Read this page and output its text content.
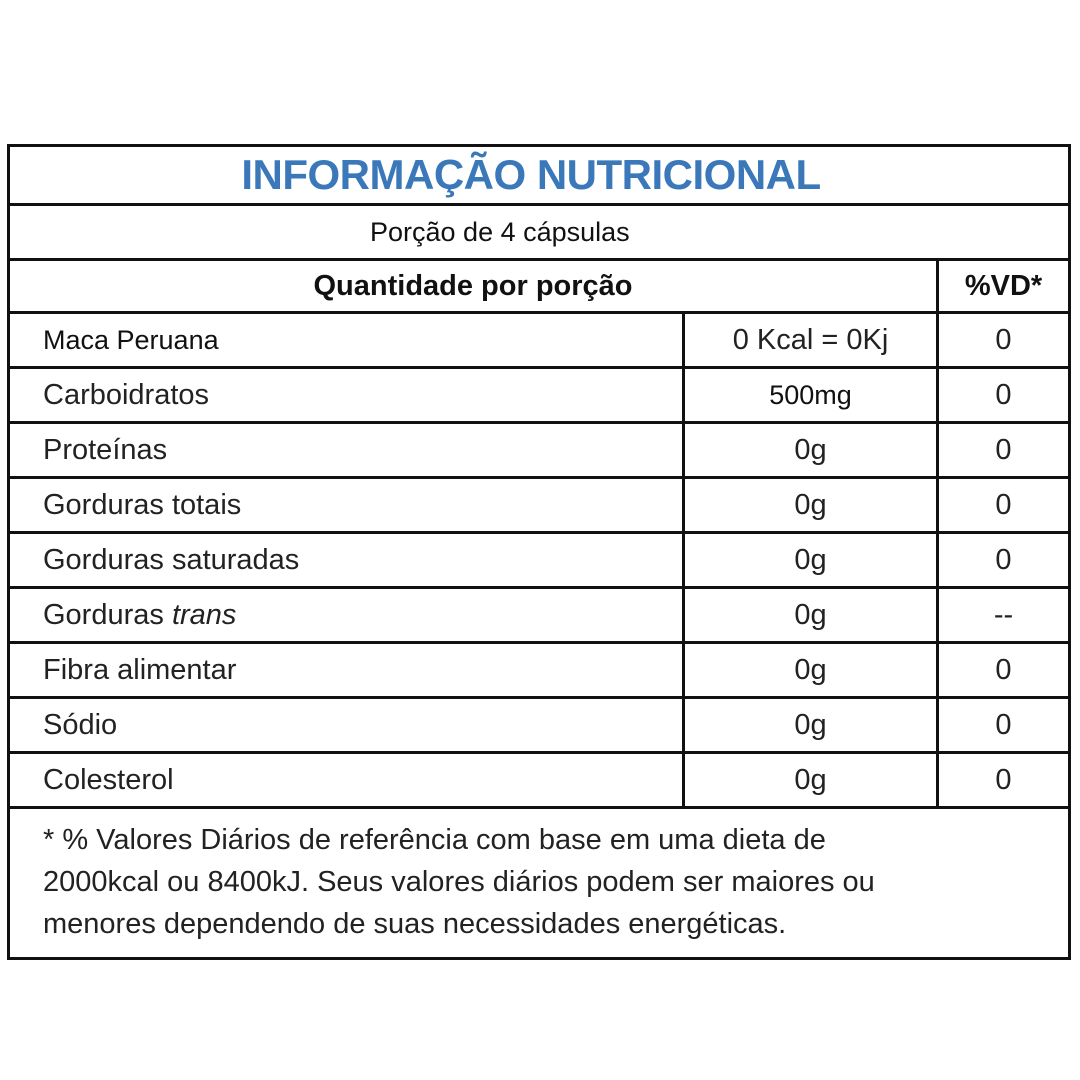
INFORMAÇÃO NUTRICIONAL
Porção de 4 cápsulas
Quantidade por porção	%VD*
Maca Peruana	0 Kcal = 0Kj	0
Carboidratos	500mg	0
Proteínas	0g	0
Gorduras totais	0g	0
Gorduras saturadas	0g	0
Gorduras trans	0g	--
Fibra alimentar	0g	0
Sódio	0g	0
Colesterol	0g	0
* % Valores Diários de referência com base em uma dieta de
2000kcal ou 8400kJ. Seus valores diários podem ser maiores ou
menores dependendo de suas necessidades energéticas.
